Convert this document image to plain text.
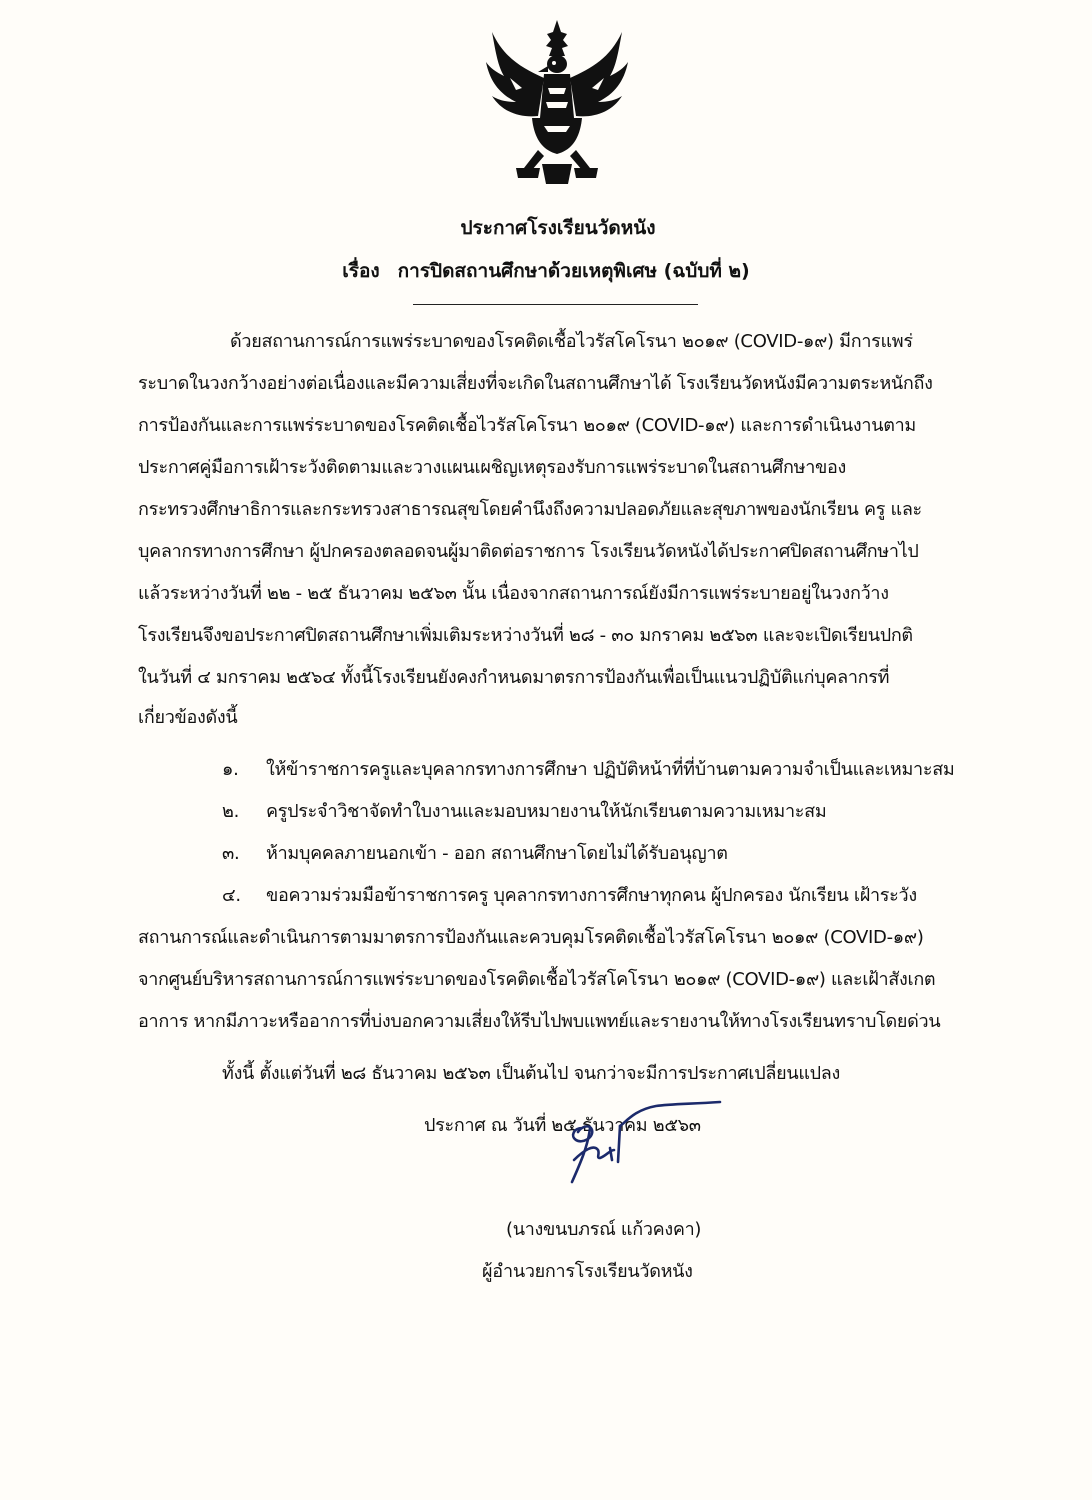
ประกาศโรงเรียนวัดหนัง
เรื่อง การปิดสถานศึกษาด้วยเหตุพิเศษ (ฉบับที่ ๒)
ด้วยสถานการณ์การแพร่ระบาดของโรคติดเชื้อไวรัสโคโรนา ๒๐๑๙ (COVID-๑๙) มีการแพร่
ระบาดในวงกว้างอย่างต่อเนื่องและมีความเสี่ยงที่จะเกิดในสถานศึกษาได้ โรงเรียนวัดหนังมีความตระหนักถึง
การป้องกันและการแพร่ระบาดของโรคติดเชื้อไวรัสโคโรนา ๒๐๑๙ (COVID-๑๙) และการดำเนินงานตาม
ประกาศคู่มือการเฝ้าระวังติดตามและวางแผนเผชิญเหตุรองรับการแพร่ระบาดในสถานศึกษาของ
กระทรวงศึกษาธิการและกระทรวงสาธารณสุขโดยคำนึงถึงความปลอดภัยและสุขภาพของนักเรียน ครู และ
บุคลากรทางการศึกษา ผู้ปกครองตลอดจนผู้มาติดต่อราชการ โรงเรียนวัดหนังได้ประกาศปิดสถานศึกษาไป
แล้วระหว่างวันที่ ๒๒ - ๒๕ ธันวาคม ๒๕๖๓ นั้น เนื่องจากสถานการณ์ยังมีการแพร่ระบายอยู่ในวงกว้าง
โรงเรียนจึงขอประกาศปิดสถานศึกษาเพิ่มเติมระหว่างวันที่ ๒๘ - ๓๐ มกราคม ๒๕๖๓ และจะเปิดเรียนปกติ
ในวันที่ ๔ มกราคม ๒๕๖๔ ทั้งนี้โรงเรียนยังคงกำหนดมาตรการป้องกันเพื่อเป็นแนวปฏิบัติแก่บุคลากรที่
เกี่ยวข้องดังนี้
๑. ให้ข้าราชการครูและบุคลากรทางการศึกษา ปฏิบัติหน้าที่ที่บ้านตามความจำเป็นและเหมาะสม
๒. ครูประจำวิชาจัดทำใบงานและมอบหมายงานให้นักเรียนตามความเหมาะสม
๓. ห้ามบุคคลภายนอกเข้า - ออก สถานศึกษาโดยไม่ได้รับอนุญาต
๔. ขอความร่วมมือข้าราชการครู บุคลากรทางการศึกษาทุกคน ผู้ปกครอง นักเรียน เฝ้าระวัง
สถานการณ์และดำเนินการตามมาตรการป้องกันและควบคุมโรคติดเชื้อไวรัสโคโรนา ๒๐๑๙ (COVID-๑๙)
จากศูนย์บริหารสถานการณ์การแพร่ระบาดของโรคติดเชื้อไวรัสโคโรนา ๒๐๑๙ (COVID-๑๙) และเฝ้าสังเกต
อาการ หากมีภาวะหรืออาการที่บ่งบอกความเสี่ยงให้รีบไปพบแพทย์และรายงานให้ทางโรงเรียนทราบโดยด่วน
ทั้งนี้ ตั้งแต่วันที่ ๒๘ ธันวาคม ๒๕๖๓ เป็นต้นไป จนกว่าจะมีการประกาศเปลี่ยนแปลง
ประกาศ ณ วันที่ ๒๕ ธันวาคม ๒๕๖๓
(นางขนบภรณ์ แก้วคงคา)
ผู้อำนวยการโรงเรียนวัดหนัง
